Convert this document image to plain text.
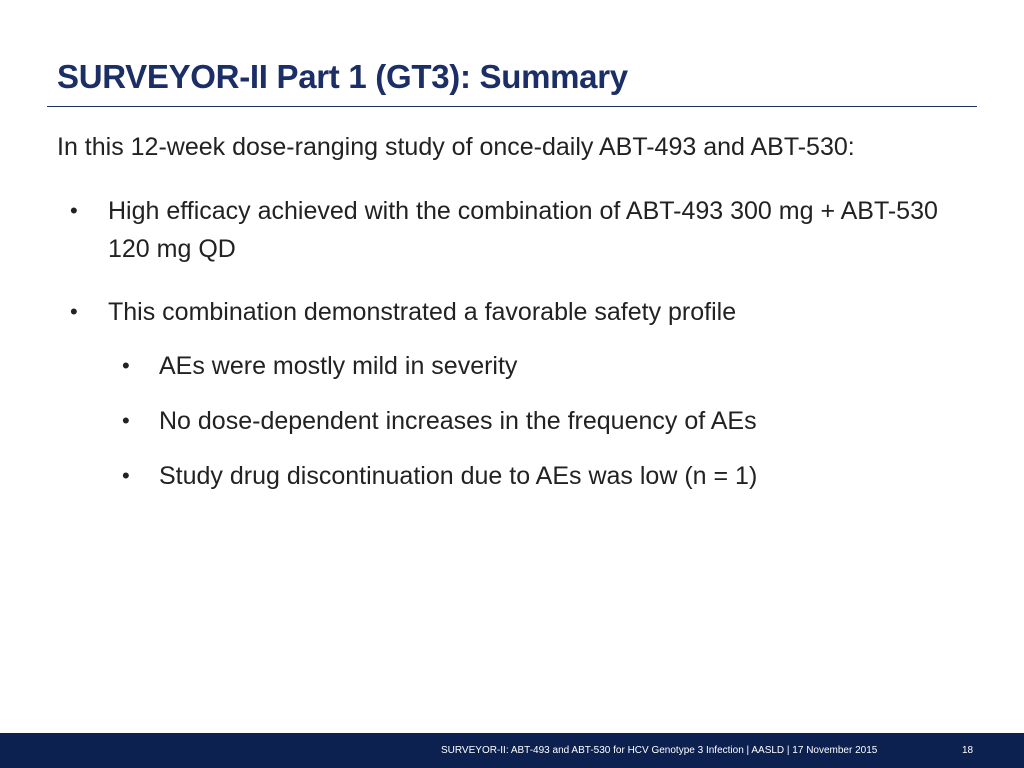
SURVEYOR-II Part 1 (GT3): Summary
In this 12-week dose-ranging study of once-daily ABT-493 and ABT-530:
•	High efficacy achieved with the combination of ABT-493 300 mg + ABT-530 120 mg QD
•	This combination demonstrated a favorable safety profile
•	AEs were mostly mild in severity
•	No dose-dependent increases in the frequency of AEs
•	Study drug discontinuation due to AEs was low (n = 1)
SURVEYOR-II: ABT-493 and ABT-530 for HCV Genotype 3 Infection | AASLD | 17 November 2015	18
